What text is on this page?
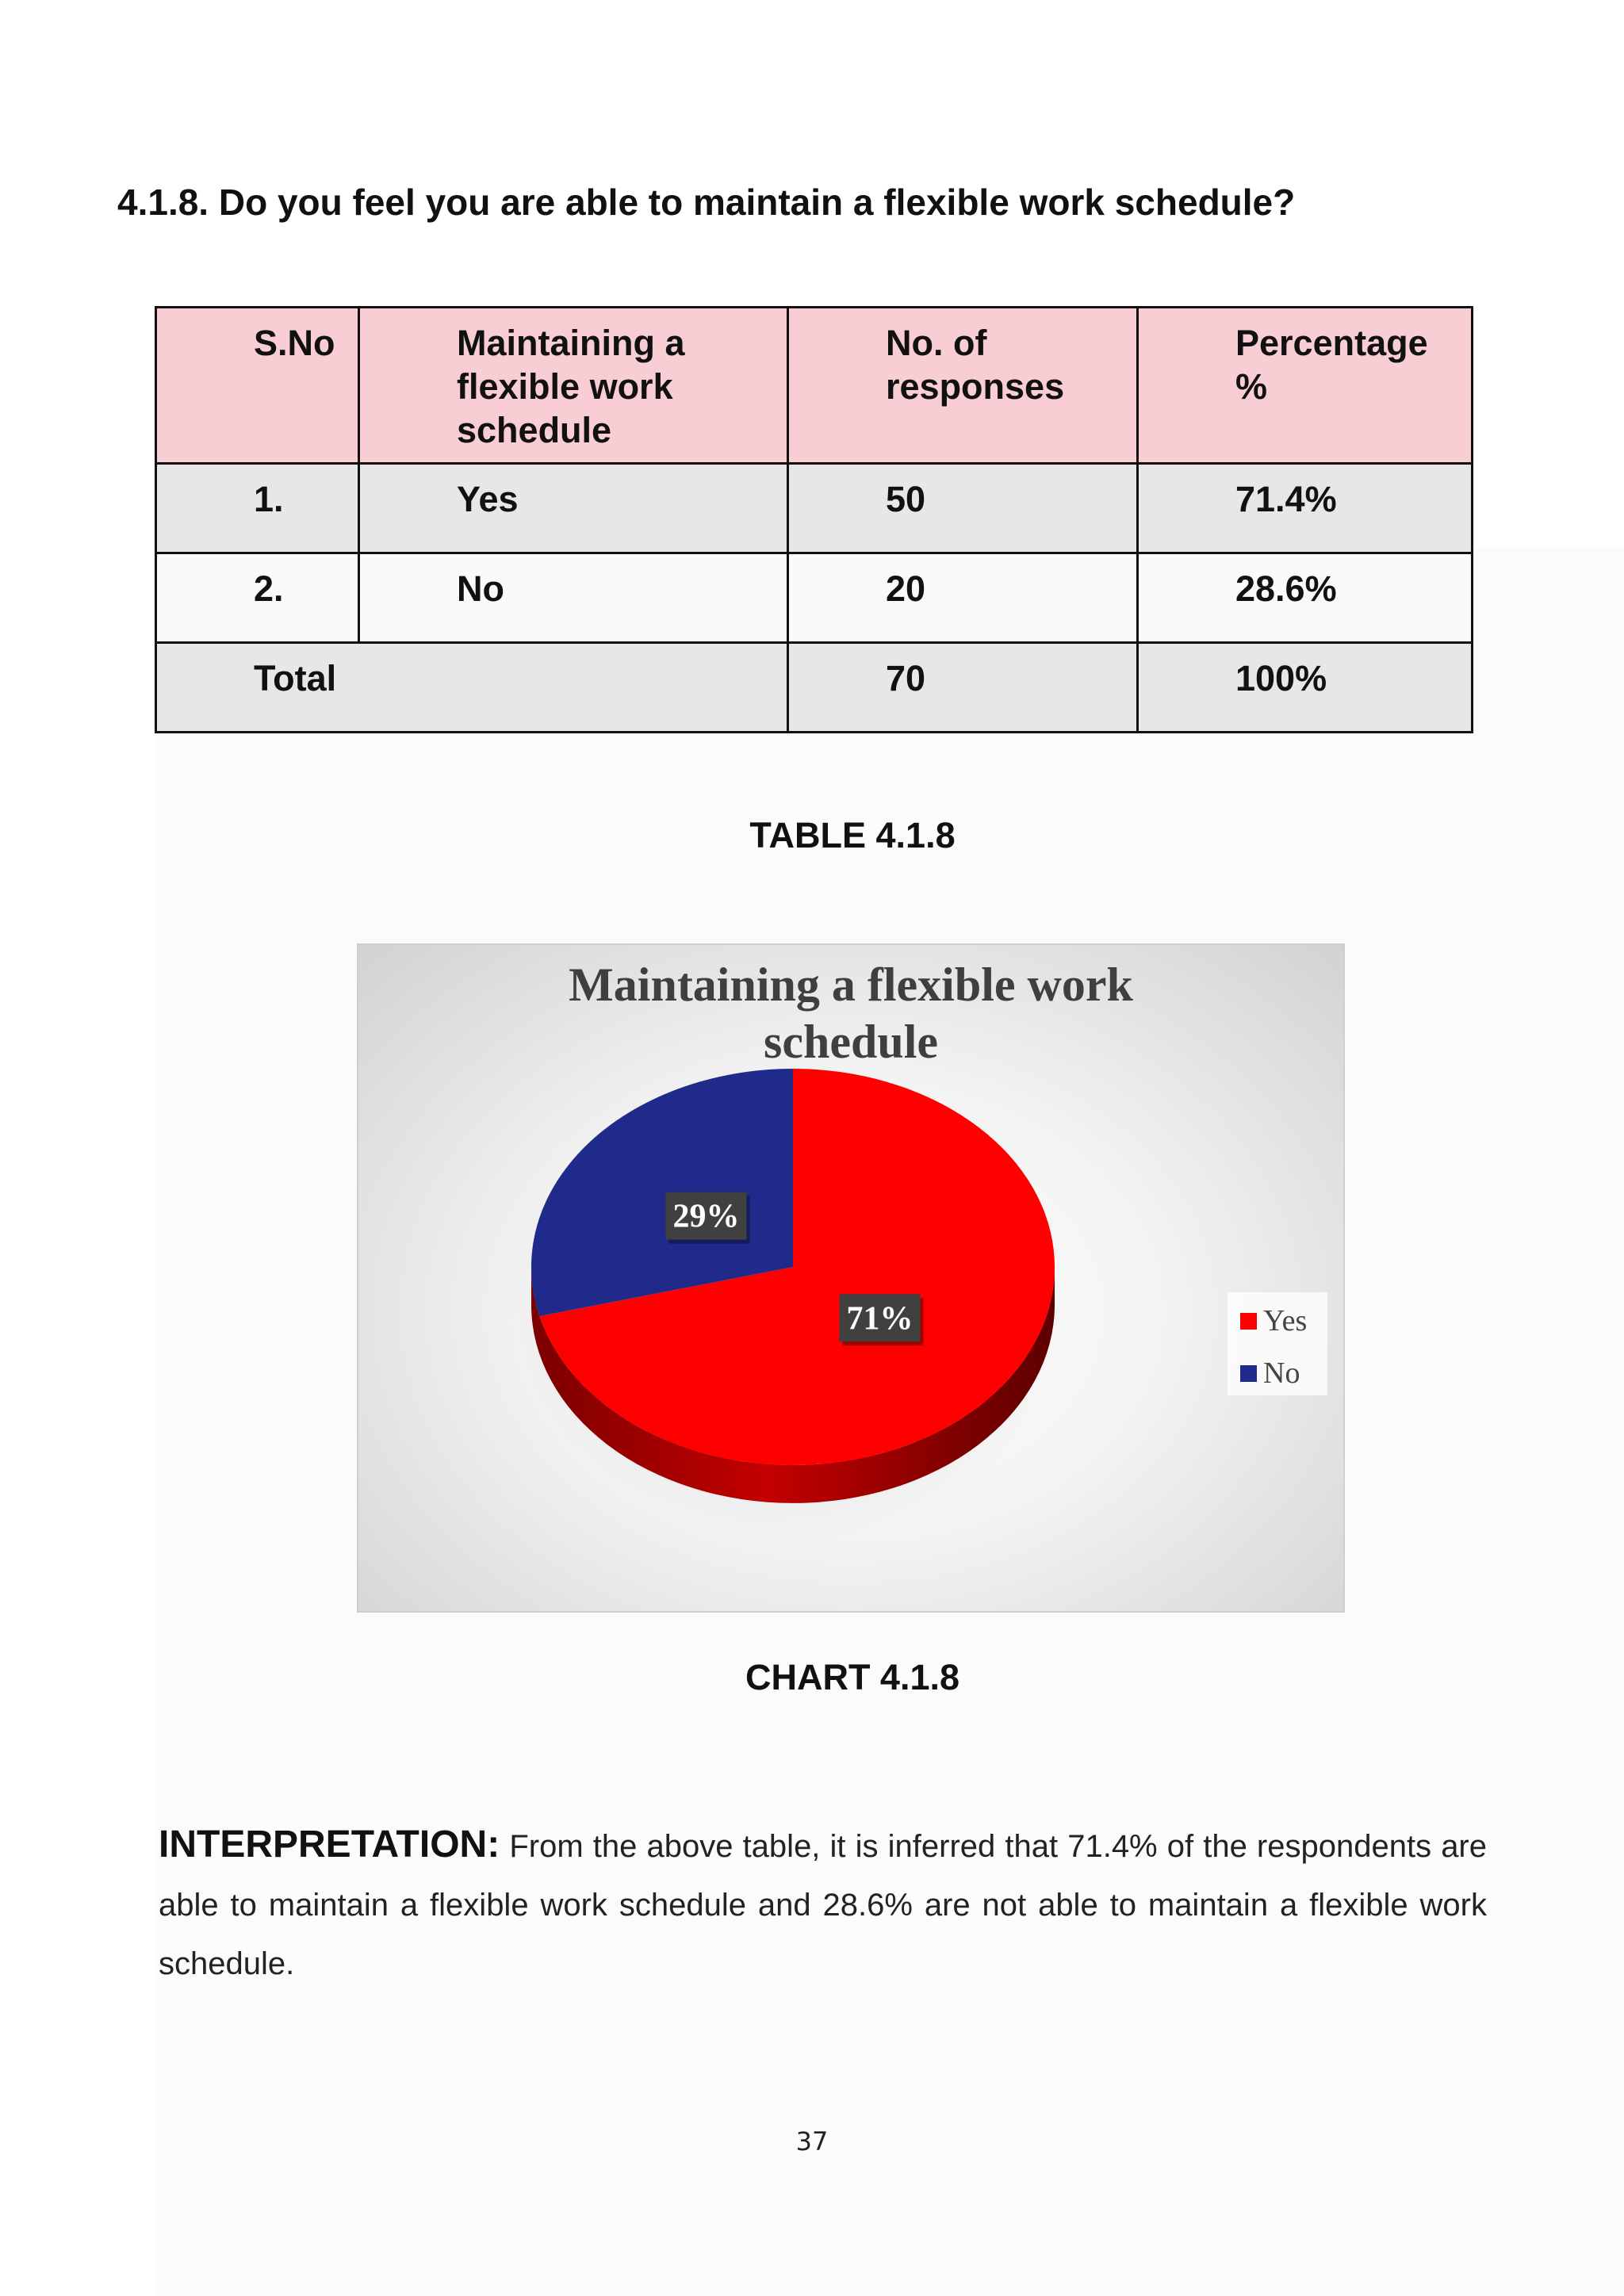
4.1.8. Do you feel you are able to maintain a flexible work schedule?
S.No	Maintaining a flexible work schedule	No. of responses	Percentage %
1.	Yes	50	71.4%
2.	No	20	28.6%
Total		70	100%
TABLE 4.1.8
Maintaining a flexible work
schedule
71%
29%
Yes
No
CHART 4.1.8

INTERPRETATION: From the above table, it is inferred that 71.4% of the respondents are able to maintain a flexible work schedule and 28.6% are not able to maintain a flexible work schedule.

37
